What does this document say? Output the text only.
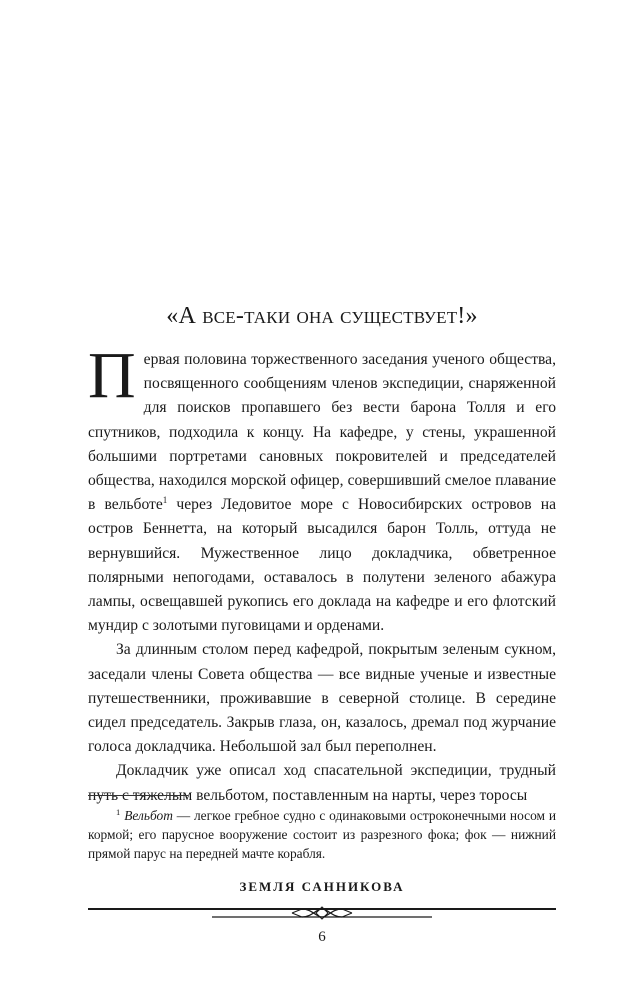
«А все-таки она существует!»

Первая половина торжественного заседания ученого общества, посвященного сообщениям членов экспедиции, снаряженной для поисков пропавшего без вести барона Толля и его спутников, подходила к концу. На кафедре, у стены, украшенной большими портретами сановных покровителей и председателей общества, находился морской офицер, совершивший смелое плавание в вельботе$^1$ через Ледовитое море с Новосибирских островов на остров Беннетта, на который высадился барон Толль, оттуда не вернувшийся. Мужественное лицо докладчика, обветренное полярными непогодами, оставалось в полутени зеленого абажура лампы, освещавшей рукопись его доклада на кафедре и его флотский мундир с золотыми пуговицами и орденами.

За длинным столом перед кафедрой, покрытым зеленым сукном, заседали члены Совета общества — все видные ученые и известные путешественники, проживавшие в северной столице. В середине сидел председатель. Закрыв глаза, он, казалось, дремал под журчание голоса докладчика. Небольшой зал был переполнен.

Докладчик уже описал ход спасательной экспедиции, трудный путь с тяжелым вельботом, поставленным на нарты, через торосы

$^1$ Вельбот — легкое гребное судно с одинаковыми остроконечными носом и кормой; его парусное вооружение состоит из разрезного фока; фок — нижний прямой парус на передней мачте корабля.

ЗЕМЛЯ САННИКОВА
6
